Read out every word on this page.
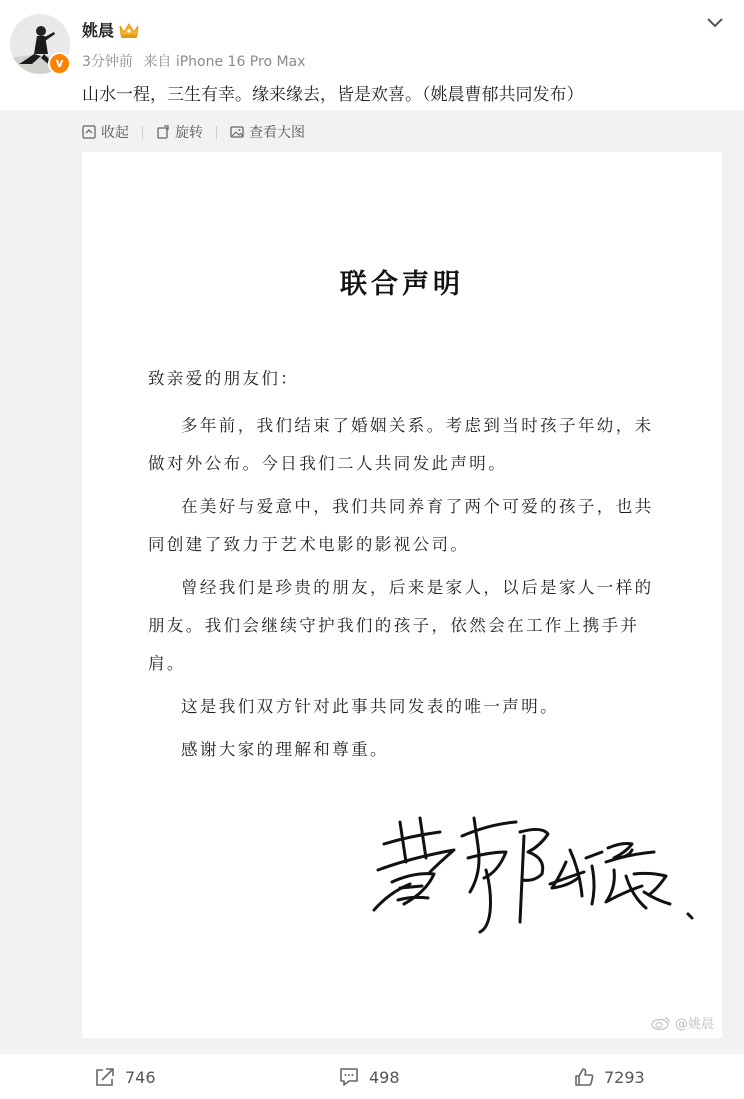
v
姚晨
3分钟前 来自 iPhone 16 Pro Max
山水一程，三生有幸。缘来缘去，皆是欢喜。（姚晨曹郁共同发布）
收起	旋转	查看大图
联合声明

致亲爱的朋友们：

多年前，我们结束了婚姻关系。考虑到当时孩子年幼，未做对外公布。今日我们二人共同发此声明。

在美好与爱意中，我们共同养育了两个可爱的孩子，也共同创建了致力于艺术电影的影视公司。

曾经我们是珍贵的朋友，后来是家人，以后是家人一样的朋友。我们会继续守护我们的孩子，依然会在工作上携手并肩。

这是我们双方针对此事共同发表的唯一声明。

感谢大家的理解和尊重。

@姚晨
746	498	7293
